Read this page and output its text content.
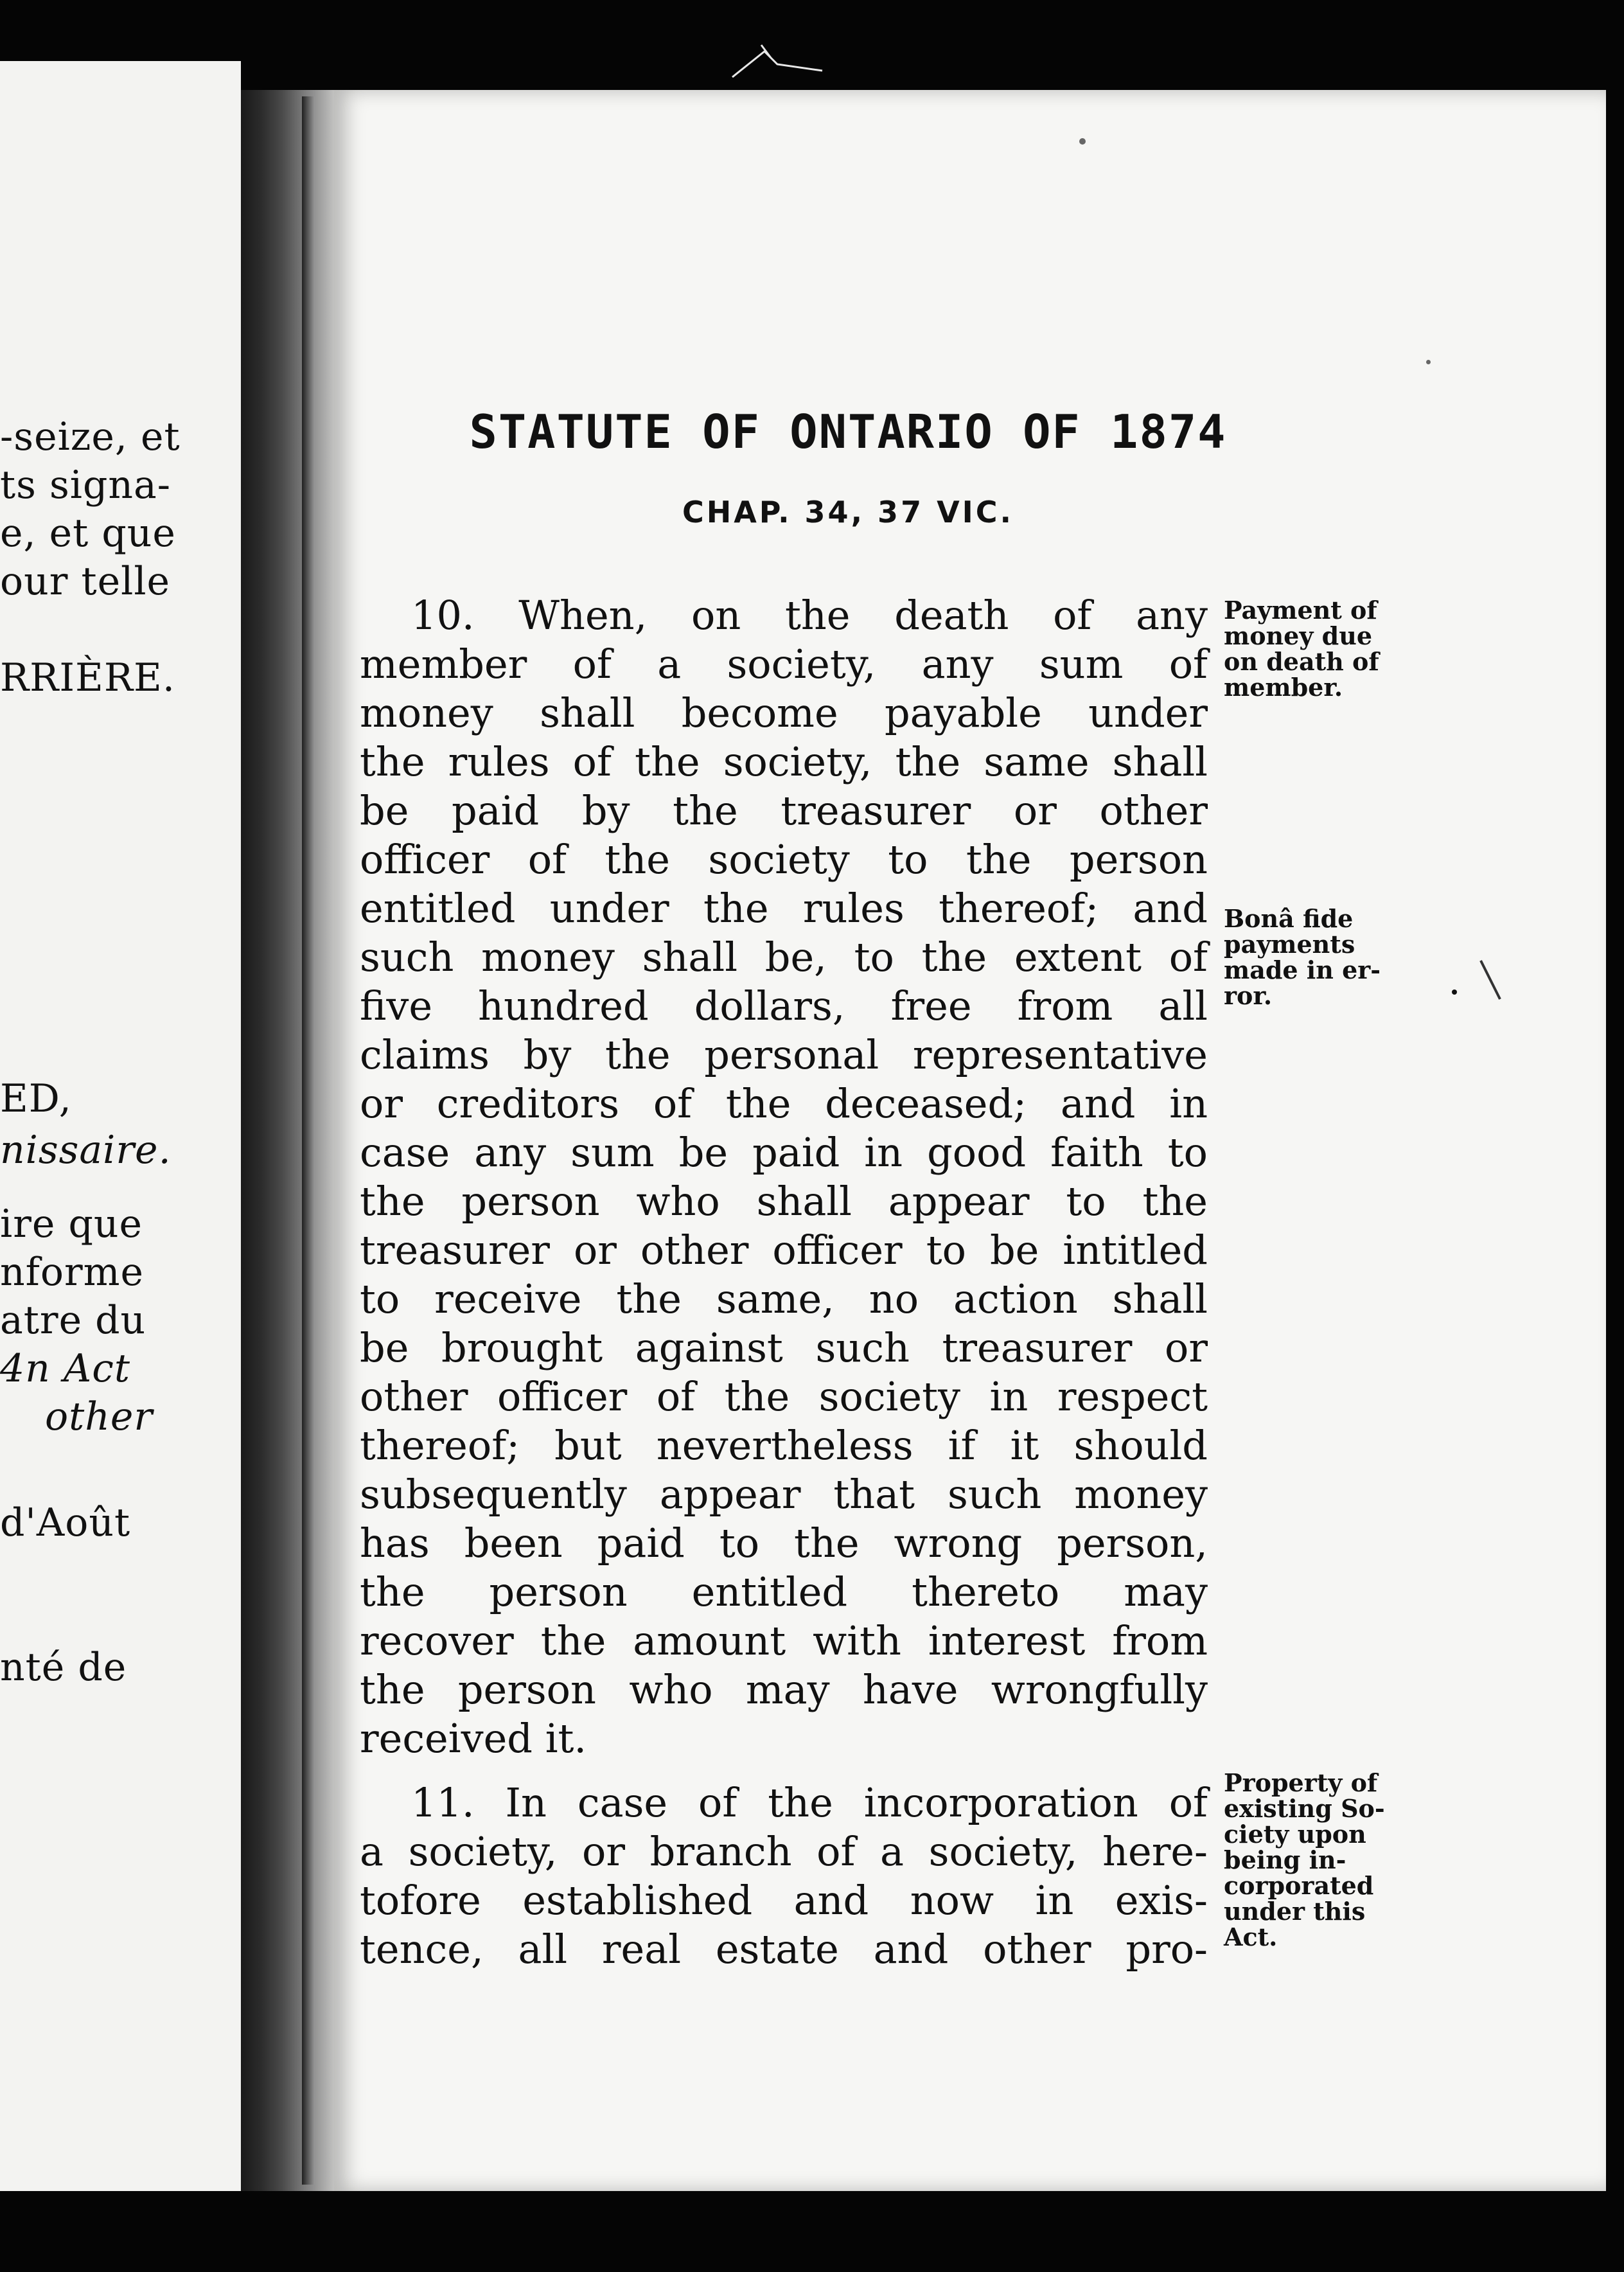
-seize, et
ts signa-
e, et que
our telle
RRIÈRE.
ED,
nissaire.
ire que
nforme
atre du
4n Act
other
d'Août
nté de
STATUTE OF ONTARIO OF 1874
CHAP. 34, 37 VIC.
10. When, on the death of any
member of a society, any sum of
money shall become payable under
the rules of the society, the same shall
be paid by the treasurer or other
officer of the society to the person
entitled under the rules thereof; and
such money shall be, to the extent of
five hundred dollars, free from all
claims by the personal representative
or creditors of the deceased; and in
case any sum be paid in good faith to
the person who shall appear to the
treasurer or other officer to be intitled
to receive the same, no action shall
be brought against such treasurer or
other officer of the society in respect
thereof; but nevertheless if it should
subsequently appear that such money
has been paid to the wrong person,
the person entitled thereto may
recover the amount with interest from
the person who may have wrongfully
received it.
11. In case of the incorporation of
a society, or branch of a society, here-
tofore established and now in exis-
tence, all real estate and other pro-
Payment of
money due
on death of
member.
Bonâ fide
payments
made in er-
ror.
Property of
existing So-
ciety upon
being in-
corporated
under this
Act.
